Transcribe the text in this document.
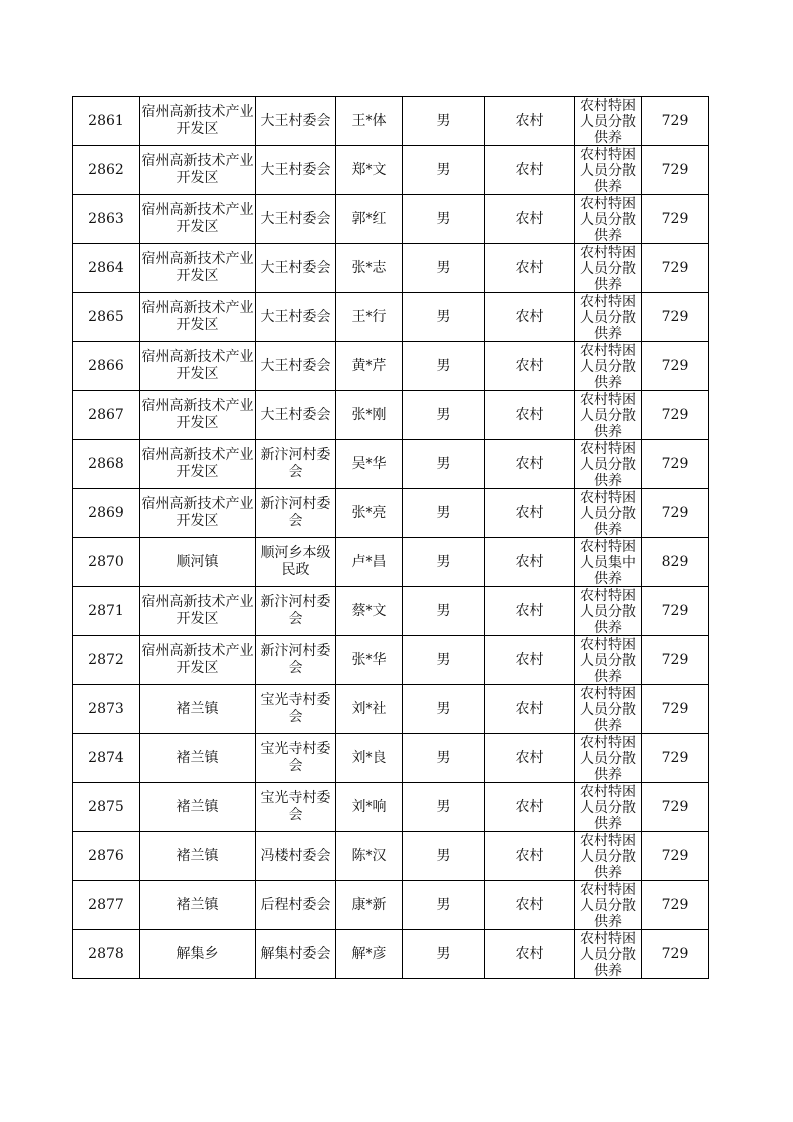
2861	宿州高新技术产业开发区	大王村委会	王*体	男	农村	农村特困人员分散供养	729
2862	宿州高新技术产业开发区	大王村委会	郑*文	男	农村	农村特困人员分散供养	729
2863	宿州高新技术产业开发区	大王村委会	郭*红	男	农村	农村特困人员分散供养	729
2864	宿州高新技术产业开发区	大王村委会	张*志	男	农村	农村特困人员分散供养	729
2865	宿州高新技术产业开发区	大王村委会	王*行	男	农村	农村特困人员分散供养	729
2866	宿州高新技术产业开发区	大王村委会	黄*芹	男	农村	农村特困人员分散供养	729
2867	宿州高新技术产业开发区	大王村委会	张*刚	男	农村	农村特困人员分散供养	729
2868	宿州高新技术产业开发区	新汴河村委会	吴*华	男	农村	农村特困人员分散供养	729
2869	宿州高新技术产业开发区	新汴河村委会	张*亮	男	农村	农村特困人员分散供养	729
2870	顺河镇	顺河乡本级民政	卢*昌	男	农村	农村特困人员集中供养	829
2871	宿州高新技术产业开发区	新汴河村委会	蔡*文	男	农村	农村特困人员分散供养	729
2872	宿州高新技术产业开发区	新汴河村委会	张*华	男	农村	农村特困人员分散供养	729
2873	褚兰镇	宝光寺村委会	刘*社	男	农村	农村特困人员分散供养	729
2874	褚兰镇	宝光寺村委会	刘*良	男	农村	农村特困人员分散供养	729
2875	褚兰镇	宝光寺村委会	刘*响	男	农村	农村特困人员分散供养	729
2876	褚兰镇	冯楼村委会	陈*汉	男	农村	农村特困人员分散供养	729
2877	褚兰镇	后程村委会	康*新	男	农村	农村特困人员分散供养	729
2878	解集乡	解集村委会	解*彦	男	农村	农村特困人员分散供养	729
